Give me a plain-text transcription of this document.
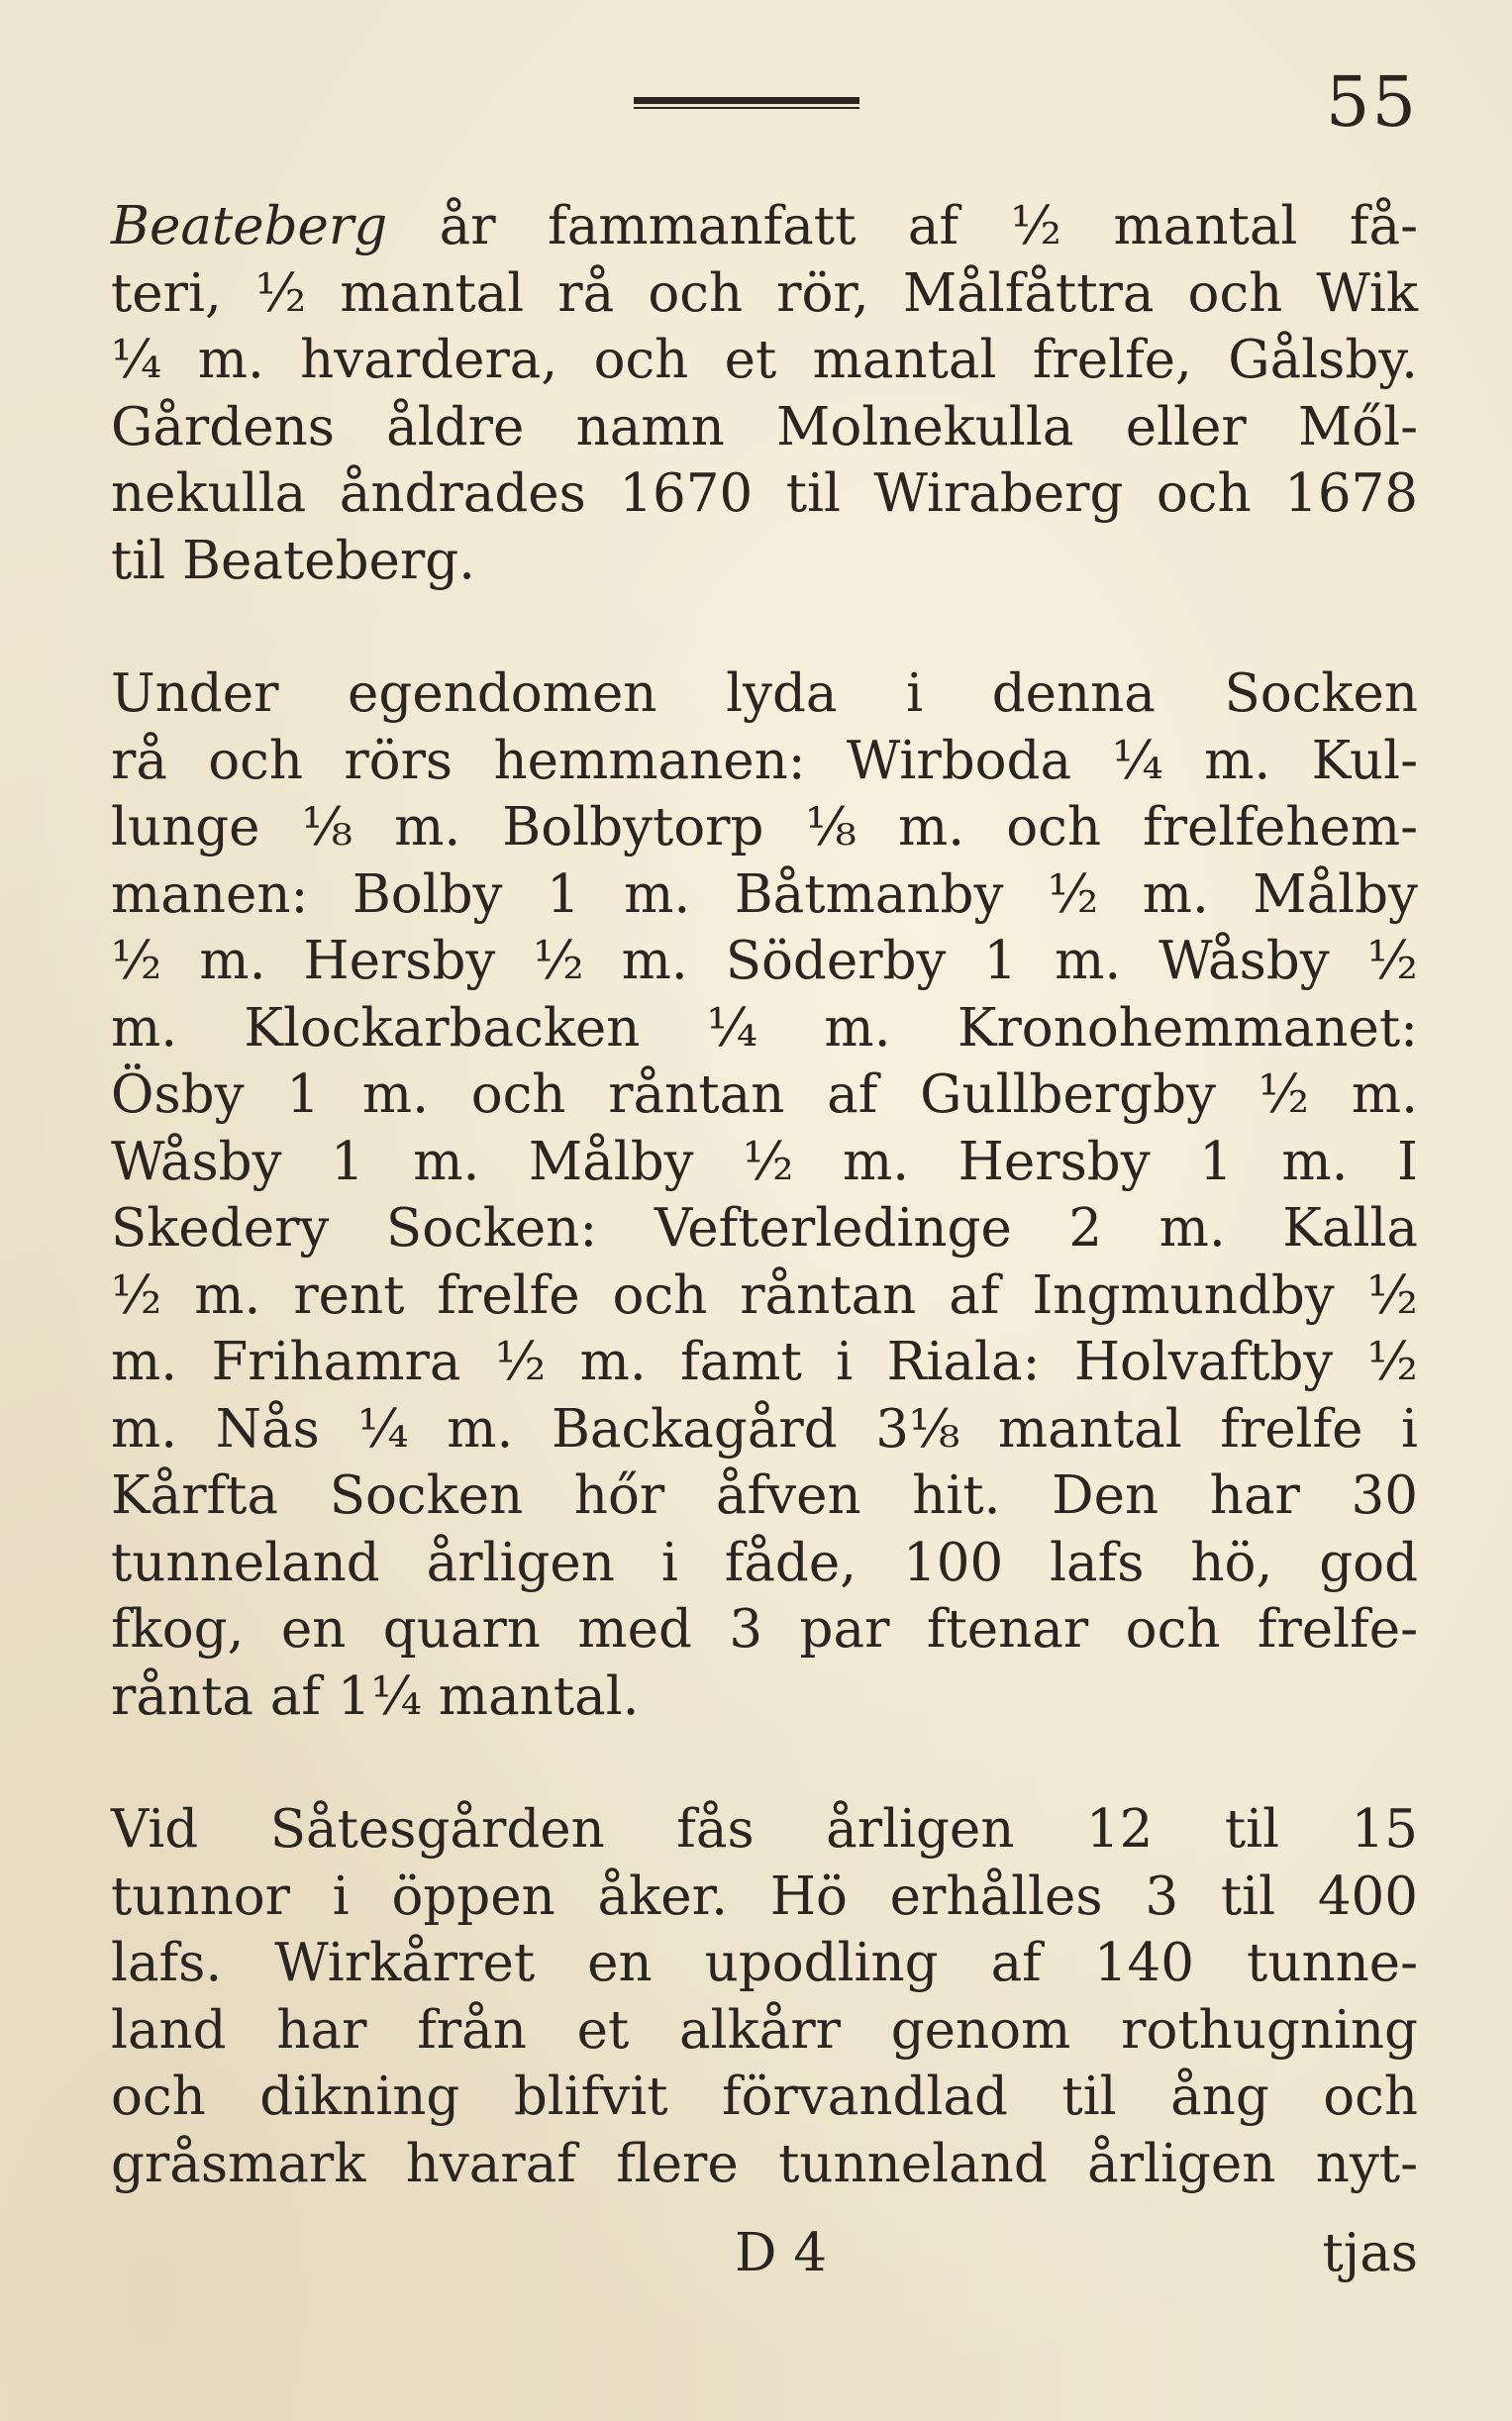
55

Beateberg år fammanfatt af ½ mantal få-
teri, ½ mantal rå och rör, Målfåttra och Wik
¼ m. hvardera, och et mantal frelfe, Gålsby.
Gårdens åldre namn Molnekulla eller Mől-
nekulla åndrades 1670 til Wiraberg och 1678
til Beateberg.

Under egendomen lyda i denna Socken
rå och rörs hemmanen: Wirboda ¼ m. Kul-
lunge ⅛ m. Bolbytorp ⅛ m. och frelfehem-
manen: Bolby 1 m. Båtmanby ½ m. Målby
½ m. Hersby ½ m. Söderby 1 m. Wåsby ½
m. Klockarbacken ¼ m. Kronohemmanet:
Ösby 1 m. och råntan af Gullbergby ½ m.
Wåsby 1 m. Målby ½ m. Hersby 1 m. I
Skedery Socken: Vefterledinge 2 m. Kalla
½ m. rent frelfe och råntan af Ingmundby ½
m. Frihamra ½ m. famt i Riala: Holvaftby ½
m. Nås ¼ m. Backagård 3⅛ mantal frelfe i
Kårfta Socken hőr åfven hit. Den har 30
tunneland årligen i fåde, 100 lafs hö, god
fkog, en quarn med 3 par ftenar och frelfe-
rånta af 1¼ mantal.

Vid Såtesgården fås årligen 12 til 15
tunnor i öppen åker. Hö erhålles 3 til 400
lafs. Wirkårret en upodling af 140 tunne-
land har från et alkårr genom rothugning
och dikning blifvit förvandlad til ång och
gråsmark hvaraf flere tunneland årligen nyt-

D 4	tjas
